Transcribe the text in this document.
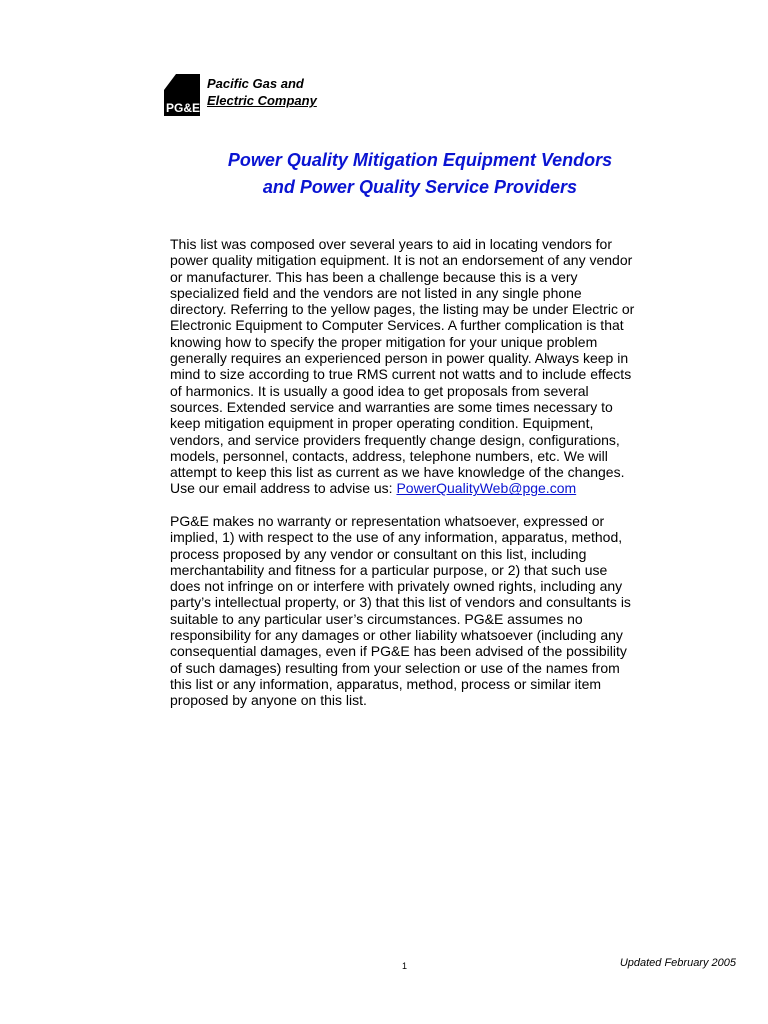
PG&E
Pacific Gas and
Electric Company
Power Quality Mitigation Equipment Vendors
and Power Quality Service Providers

This list was composed over several years to aid in locating vendors for power quality mitigation equipment. It is not an endorsement of any vendor or manufacturer. This has been a challenge because this is a very specialized field and the vendors are not listed in any single phone directory. Referring to the yellow pages, the listing may be under Electric or Electronic Equipment to Computer Services. A further complication is that knowing how to specify the proper mitigation for your unique problem generally requires an experienced person in power quality. Always keep in mind to size according to true RMS current not watts and to include effects of harmonics. It is usually a good idea to get proposals from several sources. Extended service and warranties are some times necessary to keep mitigation equipment in proper operating condition. Equipment, vendors, and service providers frequently change design, configurations, models, personnel, contacts, address, telephone numbers, etc. We will attempt to keep this list as current as we have knowledge of the changes. Use our email address to advise us: PowerQualityWeb@pge.com

PG&E makes no warranty or representation whatsoever, expressed or implied, 1) with respect to the use of any information, apparatus, method, process proposed by any vendor or consultant on this list, including merchantability and fitness for a particular purpose, or 2) that such use does not infringe on or interfere with privately owned rights, including any party’s intellectual property, or 3) that this list of vendors and consultants is suitable to any particular user’s circumstances. PG&E assumes no responsibility for any damages or other liability whatsoever (including any consequential damages, even if PG&E has been advised of the possibility of such damages) resulting from your selection or use of the names from this list or any information, apparatus, method, process or similar item proposed by anyone on this list.

1	Updated February 2005
